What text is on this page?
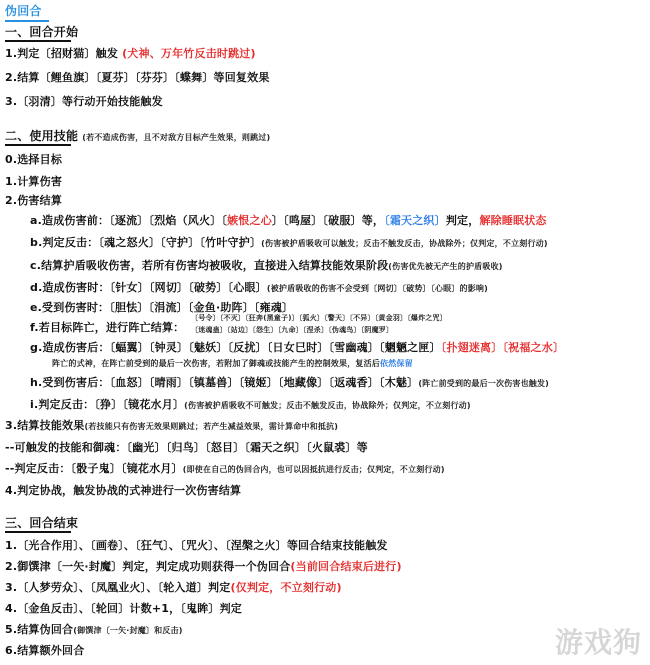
伪回合
一、回合开始
1.判定〔招财猫〕触发 (犬神、万年竹反击时跳过)
2.结算〔鲤鱼旗〕〔夏芬〕〔芬芬〕〔蝶舞〕等回复效果
3.〔羽清〕等行动开始技能触发
二、使用技能 (若不造成伤害，且不对敌方目标产生效果，则跳过)
0.选择目标
1.计算伤害
2.伤害结算
a.造成伤害前：〔逐流〕〔烈焰（风火〕〔嫉恨之心〕〔鸣屋〕〔破服〕等，〔霜天之织〕判定，解除睡眠状态
b.判定反击：〔魂之怒火〕〔守护〕〔竹叶守护〕(伤害被护盾吸收可以触发；反击不触发反击，协战除外；仅判定，不立刻行动)
c.结算护盾吸收伤害，若所有伤害均被吸收，直接进入结算技能效果阶段(伤害优先被无产生的护盾吸收)
d.造成伤害时：〔针女〕〔网切〕〔破势〕〔心眼〕(被护盾吸收的伤害不会受到〔网切〕〔破势〕〔心眼〕的影响)
e.受到伤害时：〔胆怯〕〔涓流〕〔金鱼·助阵〕〔雍魂〕
f.若目标阵亡，进行阵亡结算：
〔号令〕〔不灭〕〔狂奔(黑童子)〕〔狐火〕〔警天〕〔不异〕〔黄金羽〕〔爆炸之咒〕
〔迷魂蛊〕〔站边〕〔怨生〕〔九命〕〔涅杀〕〔伪魂鸟〕〔阴魔罗〕
g.造成伤害后：〔蝠翼〕〔钟灵〕〔魅妖〕〔反扰〕〔日女巳时〕〔雪幽魂〕〔魍魉之匣〕〔扑翅迷离〕〔祝福之水〕
阵亡的式神，在阵亡前受到的最后一次伤害，若附加了御魂或技能产生的控制效果，复活后依然保留
h.受到伤害后：〔血怒〕〔晴雨〕〔镇墓兽〕〔镜姬〕〔地藏像〕〔返魂香〕〔木魅〕(阵亡前受到的最后一次伤害也触发)
i.判定反击：〔狰〕〔镜花水月〕(伤害被护盾吸收不可触发；反击不触发反击，协战除外；仅判定，不立刻行动)
3.结算技能效果(若技能只有伤害无效果则跳过；若产生减益效果，需计算命中和抵抗)
--可触发的技能和御魂：〔幽光〕〔归鸟〕〔怒目〕〔霜天之织〕〔火鼠裘〕等
--判定反击：〔骰子鬼〕〔镜花水月〕(即使在自己的伪回合内，也可以因抵抗进行反击；仅判定，不立刻行动)
4.判定协战，触发协战的式神进行一次伤害结算
三、回合结束
1.〔光合作用〕、〔画卷〕、〔狂气〕、〔咒火〕、〔涅槃之火〕等回合结束技能触发
2.御馔津〔一矢·封魔〕判定，判定成功则获得一个伪回合(当前回合结束后进行)
3.〔人梦劳众〕、〔凤凰业火〕、〔轮入道〕判定(仅判定，不立刻行动)
4.〔金鱼反击〕、〔轮回〕计数+1，〔鬼眸〕判定
5.结算伪回合(御馔津〔一矢·封魔〕和反击)
6.结算额外回合	游戏狗
